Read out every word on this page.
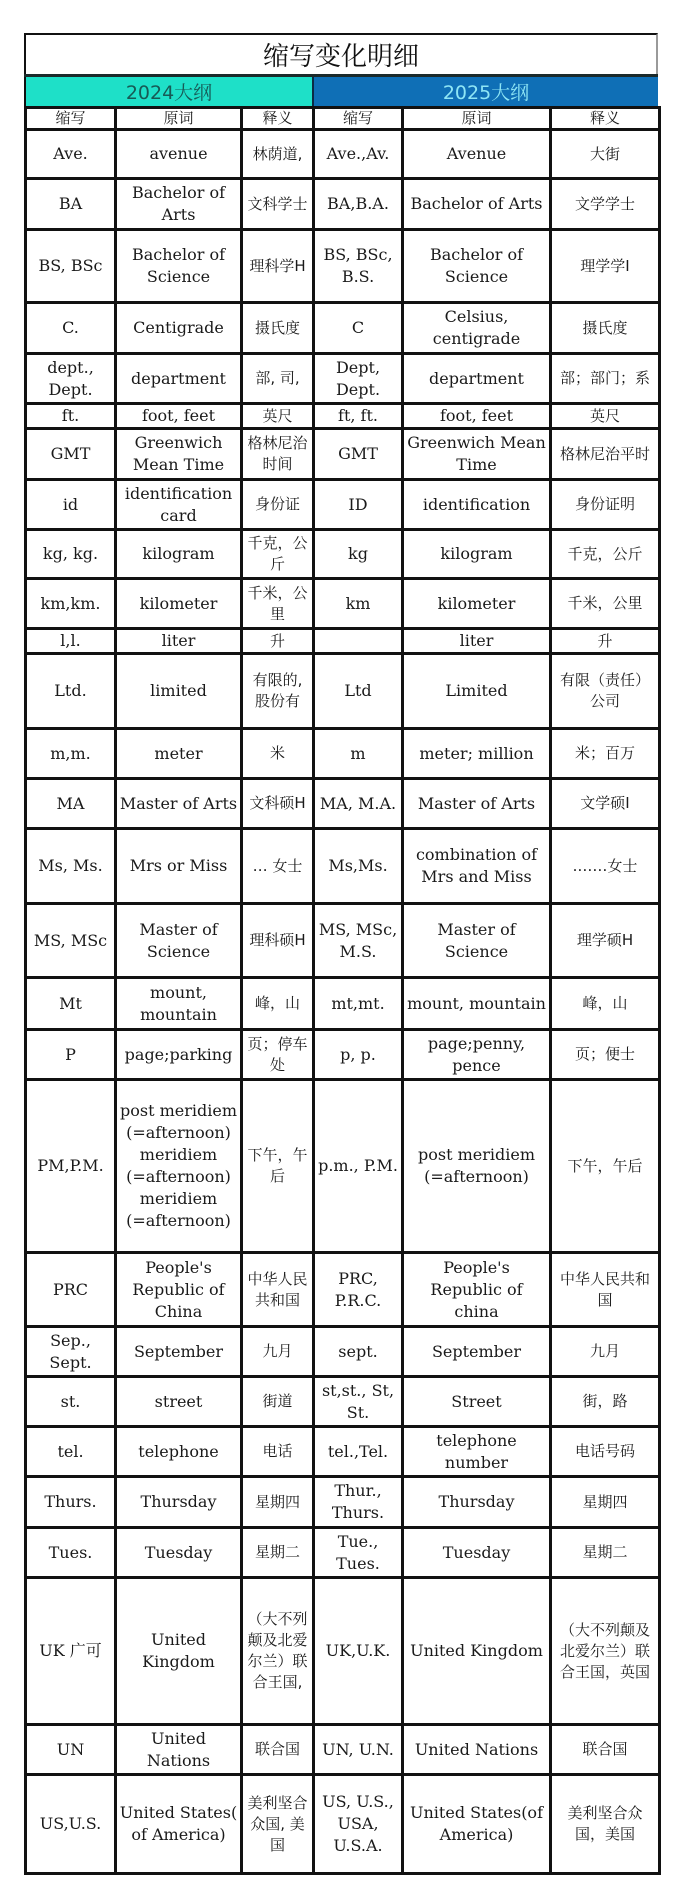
缩写变化明细
2024大纲	2025大纲
缩写	原词	释义	缩写	原词	释义
Ave.	avenue	林荫道,	Ave.,Av.	Avenue	大街
BA	Bachelor of Arts	文科学士	BA,B.A.	Bachelor of Arts	文学学士
BS, BSc	Bachelor of Science	理科学H	BS, BSc, B.S.	Bachelor of Science	理学学I
C.	Centigrade	摄氏度	C	Celsius, centigrade	摄氏度
dept., Dept.	department	部, 司,	Dept, Dept.	department	部；部门；系
ft.	foot, feet	英尺	ft, ft.	foot, feet	英尺
GMT	Greenwich Mean Time	格林尼治时间	GMT	Greenwich Mean Time	格林尼治平时
id	identification card	身份证	ID	identification	身份证明
kg, kg.	kilogram	千克，公斤	kg	kilogram	千克，公斤
km,km.	kilometer	千米，公里	km	kilometer	千米，公里
l,l.	liter	升		liter	升
Ltd.	limited	有限的, 股份有	Ltd	Limited	有限（责任）公司
m,m.	meter	米	m	meter; million	米；百万
MA	Master of Arts	文科硕H	MA, M.A.	Master of Arts	文学硕I
Ms, Ms.	Mrs or Miss	… 女士	Ms,Ms.	combination of Mrs and Miss	.……女士
MS, MSc	Master of Science	理科硕H	MS, MSc, M.S.	Master of Science	理学硕H
Mt	mount, mountain	峰，山	mt,mt.	mount, mountain	峰，山
P	page;parking	页；停车处	p, p.	page;penny, pence	页；便士
PM,P.M.	post meridiem (=afternoon) meridiem (=afternoon) meridiem (=afternoon)	下午，午后	p.m., P.M.	post meridiem (=afternoon)	下午，午后
PRC	People's Republic of China	中华人民共和国	PRC, P.R.C.	People's Republic of china	中华人民共和国
Sep., Sept.	September	九月	sept.	September	九月
st.	street	街道	st,st., St, St.	Street	街，路
tel.	telephone	电话	tel.,Tel.	telephone number	电话号码
Thurs.	Thursday	星期四	Thur., Thurs.	Thursday	星期四
Tues.	Tuesday	星期二	Tue., Tues.	Tuesday	星期二
UK 广可	United Kingdom	（大不列颠及北爱尔兰）联合王国,	UK,U.K.	United Kingdom	（大不列颠及北爱尔兰）联合王国，英国
UN	United Nations	联合国	UN, U.N.	United Nations	联合国
US,U.S.	United States( of America)	美利坚合众国, 美国	US, U.S., USA, U.S.A.	United States(of America)	美利坚合众国，美国
